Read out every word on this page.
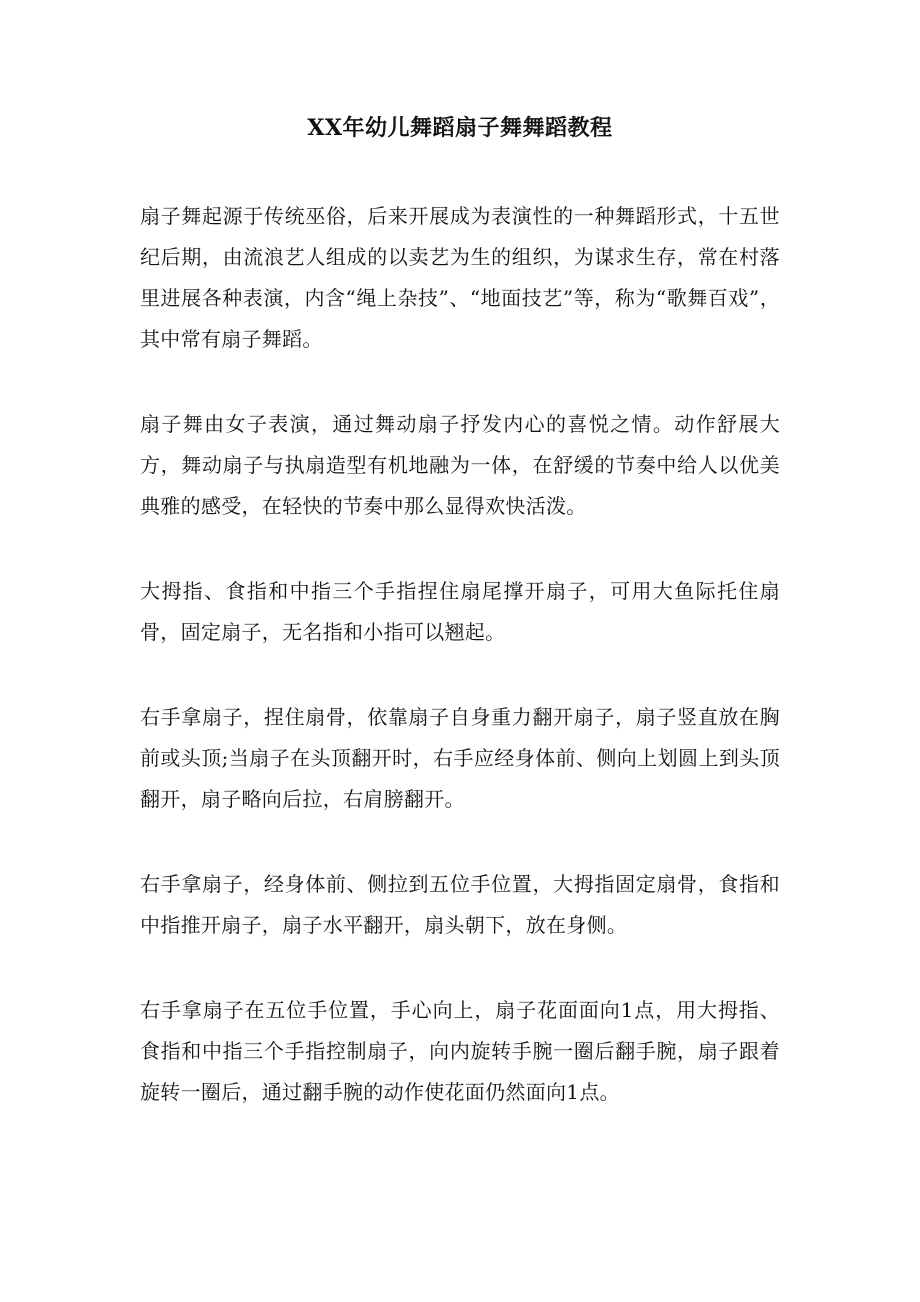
XX年幼儿舞蹈扇子舞舞蹈教程

扇子舞起源于传统巫俗，后来开展成为表演性的一种舞蹈形式，十五世纪后期，由流浪艺人组成的以卖艺为生的组织，为谋求生存，常在村落里进展各种表演，内含“绳上杂技”、“地面技艺”等，称为“歌舞百戏”，其中常有扇子舞蹈。

扇子舞由女子表演，通过舞动扇子抒发内心的喜悦之情。动作舒展大方，舞动扇子与执扇造型有机地融为一体，在舒缓的节奏中给人以优美典雅的感受，在轻快的节奏中那么显得欢快活泼。

大拇指、食指和中指三个手指捏住扇尾撑开扇子，可用大鱼际托住扇骨，固定扇子，无名指和小指可以翘起。

右手拿扇子，捏住扇骨，依靠扇子自身重力翻开扇子，扇子竖直放在胸前或头顶;当扇子在头顶翻开时，右手应经身体前、侧向上划圆上到头顶翻开，扇子略向后拉，右肩膀翻开。

右手拿扇子，经身体前、侧拉到五位手位置，大拇指固定扇骨，食指和中指推开扇子，扇子水平翻开，扇头朝下，放在身侧。

右手拿扇子在五位手位置，手心向上，扇子花面面向1点，用大拇指、食指和中指三个手指控制扇子，向内旋转手腕一圈后翻手腕，扇子跟着旋转一圈后，通过翻手腕的动作使花面仍然面向1点。
